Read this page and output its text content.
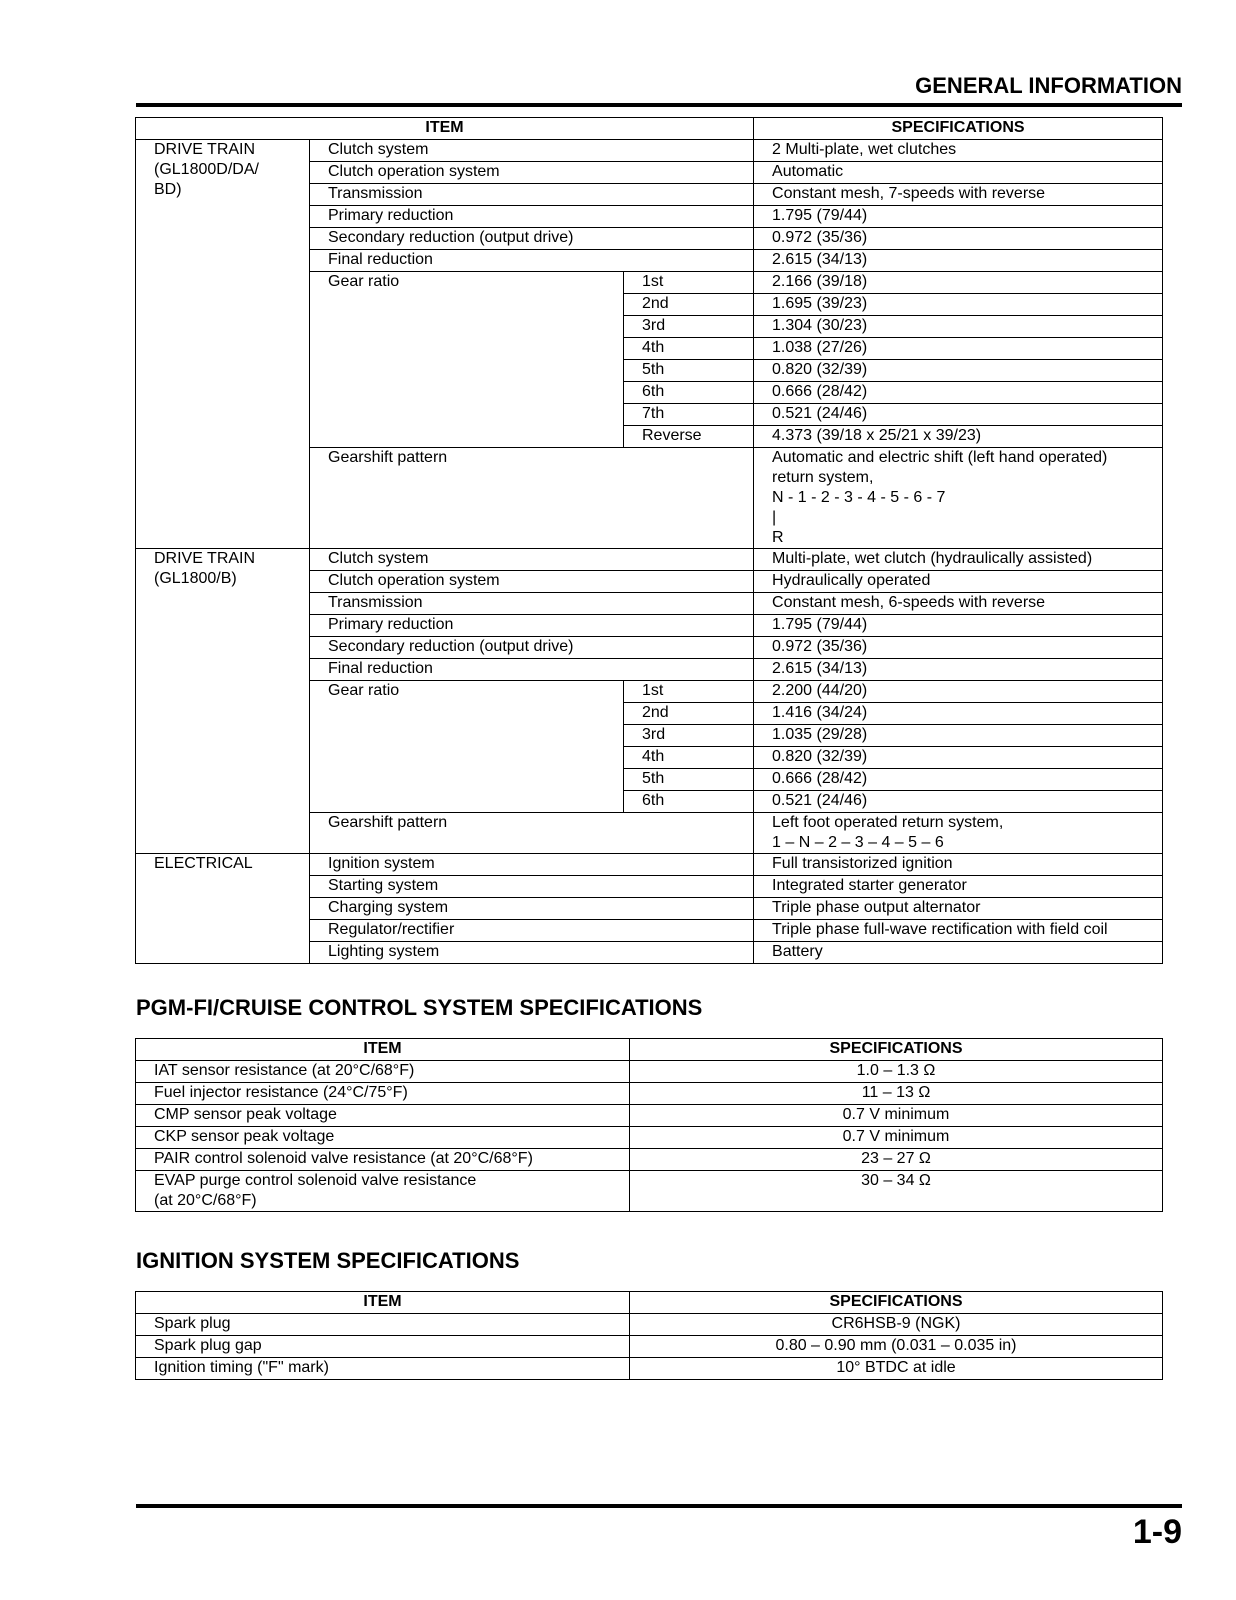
GENERAL INFORMATION
ITEM			SPECIFICATIONS
DRIVE TRAIN
(GL1800D/DA/
BD)	Clutch system		2 Multi-plate, wet clutches
	Clutch operation system		Automatic
	Transmission		Constant mesh, 7-speeds with reverse
	Primary reduction		1.795 (79/44)
	Secondary reduction (output drive)		0.972 (35/36)
	Final reduction		2.615 (34/13)
	Gear ratio	1st	2.166 (39/18)
		2nd	1.695 (39/23)
		3rd	1.304 (30/23)
		4th	1.038 (27/26)
		5th	0.820 (32/39)
		6th	0.666 (28/42)
		7th	0.521 (24/46)
		Reverse	4.373 (39/18 x 25/21 x 39/23)
	Gearshift pattern		Automatic and electric shift (left hand operated)
return system,
N - 1 - 2 - 3 - 4 - 5 - 6 - 7
|
R
DRIVE TRAIN
(GL1800/B)	Clutch system		Multi-plate, wet clutch (hydraulically assisted)
	Clutch operation system		Hydraulically operated
	Transmission		Constant mesh, 6-speeds with reverse
	Primary reduction		1.795 (79/44)
	Secondary reduction (output drive)		0.972 (35/36)
	Final reduction		2.615 (34/13)
	Gear ratio	1st	2.200 (44/20)
		2nd	1.416 (34/24)
		3rd	1.035 (29/28)
		4th	0.820 (32/39)
		5th	0.666 (28/42)
		6th	0.521 (24/46)
	Gearshift pattern		Left foot operated return system,
1 – N – 2 – 3 – 4 – 5 – 6
ELECTRICAL	Ignition system		Full transistorized ignition
	Starting system		Integrated starter generator
	Charging system		Triple phase output alternator
	Regulator/rectifier		Triple phase full-wave rectification with field coil
	Lighting system		Battery
PGM-FI/CRUISE CONTROL SYSTEM SPECIFICATIONS
ITEM	SPECIFICATIONS
IAT sensor resistance (at 20°C/68°F)	1.0 – 1.3 Ω
Fuel injector resistance (24°C/75°F)	11 – 13 Ω
CMP sensor peak voltage	0.7 V minimum
CKP sensor peak voltage	0.7 V minimum
PAIR control solenoid valve resistance (at 20°C/68°F)	23 – 27 Ω
EVAP purge control solenoid valve resistance
(at 20°C/68°F)	30 – 34 Ω
IGNITION SYSTEM SPECIFICATIONS
ITEM	SPECIFICATIONS
Spark plug	CR6HSB-9 (NGK)
Spark plug gap	0.80 – 0.90 mm (0.031 – 0.035 in)
Ignition timing ("F" mark)	10° BTDC at idle
1-9
